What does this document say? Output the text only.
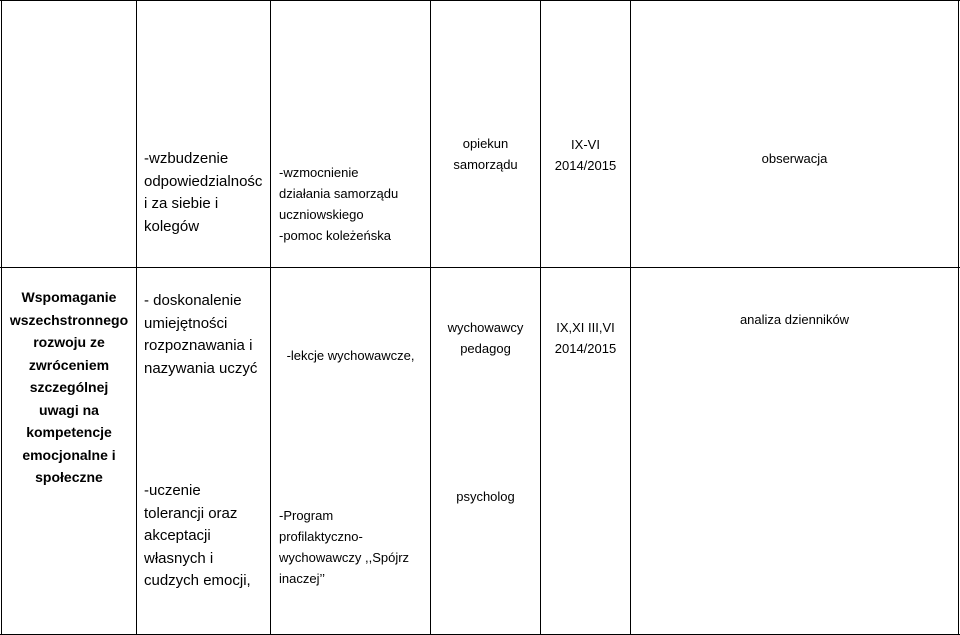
-wzbudzenie
odpowiedzialnośc
i za siebie i
kolegów
-wzmocnienie
działania samorządu
uczniowskiego
-pomoc koleżeńska
opiekun
samorządu
IX-VI
2014/2015	obserwacja
Wspomaganie
wszechstronnego
rozwoju ze
zwróceniem
szczególnej
uwagi na
kompetencje
emocjonalne i
społeczne
- doskonalenie
umiejętności
rozpoznawania i
nazywania uczyć
-uczenie
tolerancji oraz
akceptacji
własnych i
cudzych emocji,
-lekcje wychowawcze,
-Program
profilaktyczno-
wychowawczy ,,Spójrz
inaczej’’
wychowawcy
pedagog
psycholog
IX,XI III,VI
2014/2015
analiza dzienników
